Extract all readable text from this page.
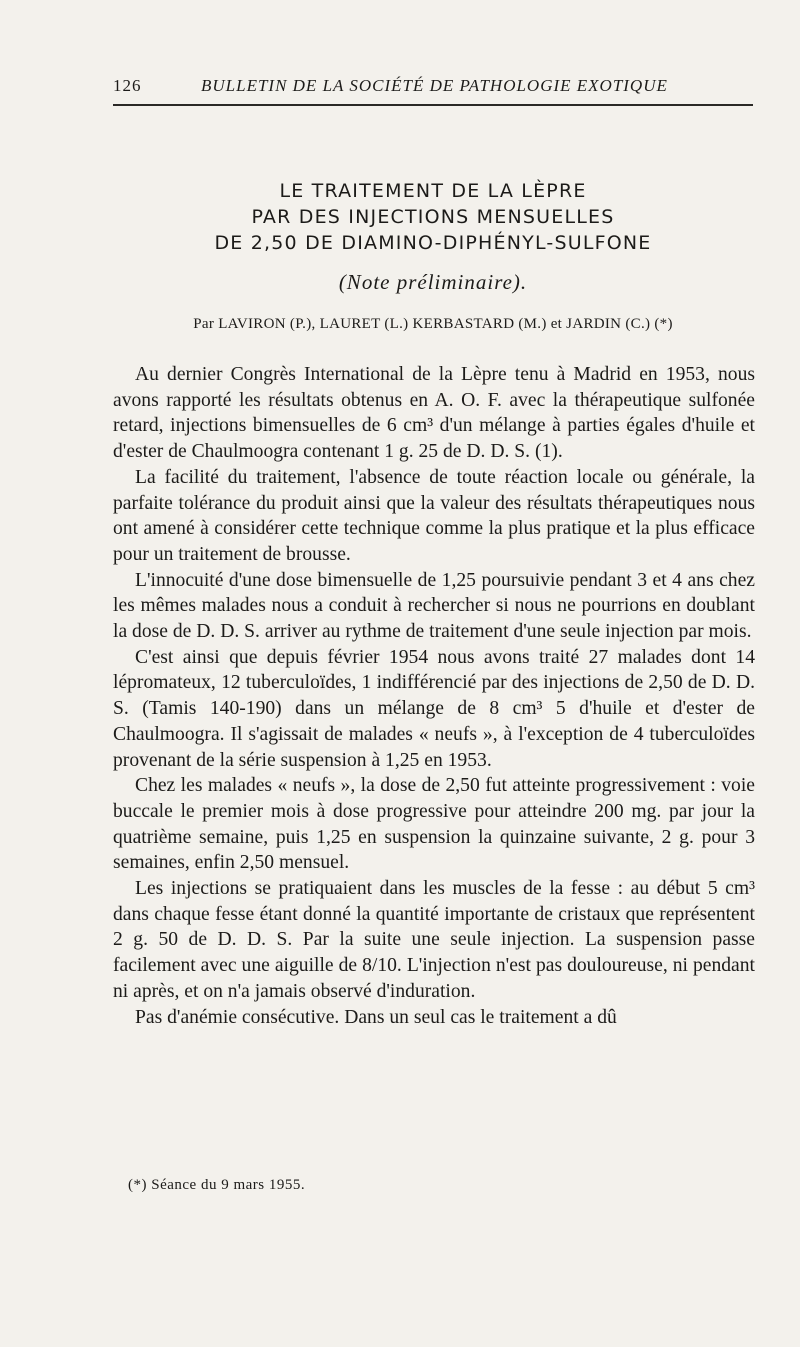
126	BULLETIN DE LA SOCIÉTÉ DE PATHOLOGIE EXOTIQUE
LE TRAITEMENT DE LA LÈPRE
PAR DES INJECTIONS MENSUELLES
DE 2,50 DE DIAMINO-DIPHÉNYL-SULFONE
(Note préliminaire).
Par LAVIRON (P.), LAURET (L.) KERBASTARD (M.) et JARDIN (C.) (*)

Au dernier Congrès International de la Lèpre tenu à Madrid en 1953, nous avons rapporté les résultats obtenus en A. O. F. avec la thérapeutique sulfonée retard, injections bimensuelles de 6 cm³ d'un mélange à parties égales d'huile et d'ester de Chaulmoogra contenant 1 g. 25 de D. D. S. (1).

La facilité du traitement, l'absence de toute réaction locale ou générale, la parfaite tolérance du produit ainsi que la valeur des résultats thérapeutiques nous ont amené à considérer cette technique comme la plus pratique et la plus efficace pour un traitement de brousse.

L'innocuité d'une dose bimensuelle de 1,25 poursuivie pendant 3 et 4 ans chez les mêmes malades nous a conduit à rechercher si nous ne pourrions en doublant la dose de D. D. S. arriver au rythme de traitement d'une seule injection par mois.

C'est ainsi que depuis février 1954 nous avons traité 27 malades dont 14 lépromateux, 12 tuberculoïdes, 1 indifférencié par des injections de 2,50 de D. D. S. (Tamis 140-190) dans un mélange de 8 cm³ 5 d'huile et d'ester de Chaulmoogra. Il s'agissait de malades « neufs », à l'exception de 4 tuberculoïdes provenant de la série suspension à 1,25 en 1953.

Chez les malades « neufs », la dose de 2,50 fut atteinte progressivement : voie buccale le premier mois à dose progressive pour atteindre 200 mg. par jour la quatrième semaine, puis 1,25 en suspension la quinzaine suivante, 2 g. pour 3 semaines, enfin 2,50 mensuel.

Les injections se pratiquaient dans les muscles de la fesse : au début 5 cm³ dans chaque fesse étant donné la quantité importante de cristaux que représentent 2 g. 50 de D. D. S. Par la suite une seule injection. La suspension passe facilement avec une aiguille de 8/10. L'injection n'est pas douloureuse, ni pendant ni après, et on n'a jamais observé d'induration.

Pas d'anémie consécutive. Dans un seul cas le traitement a dû

(*) Séance du 9 mars 1955.
